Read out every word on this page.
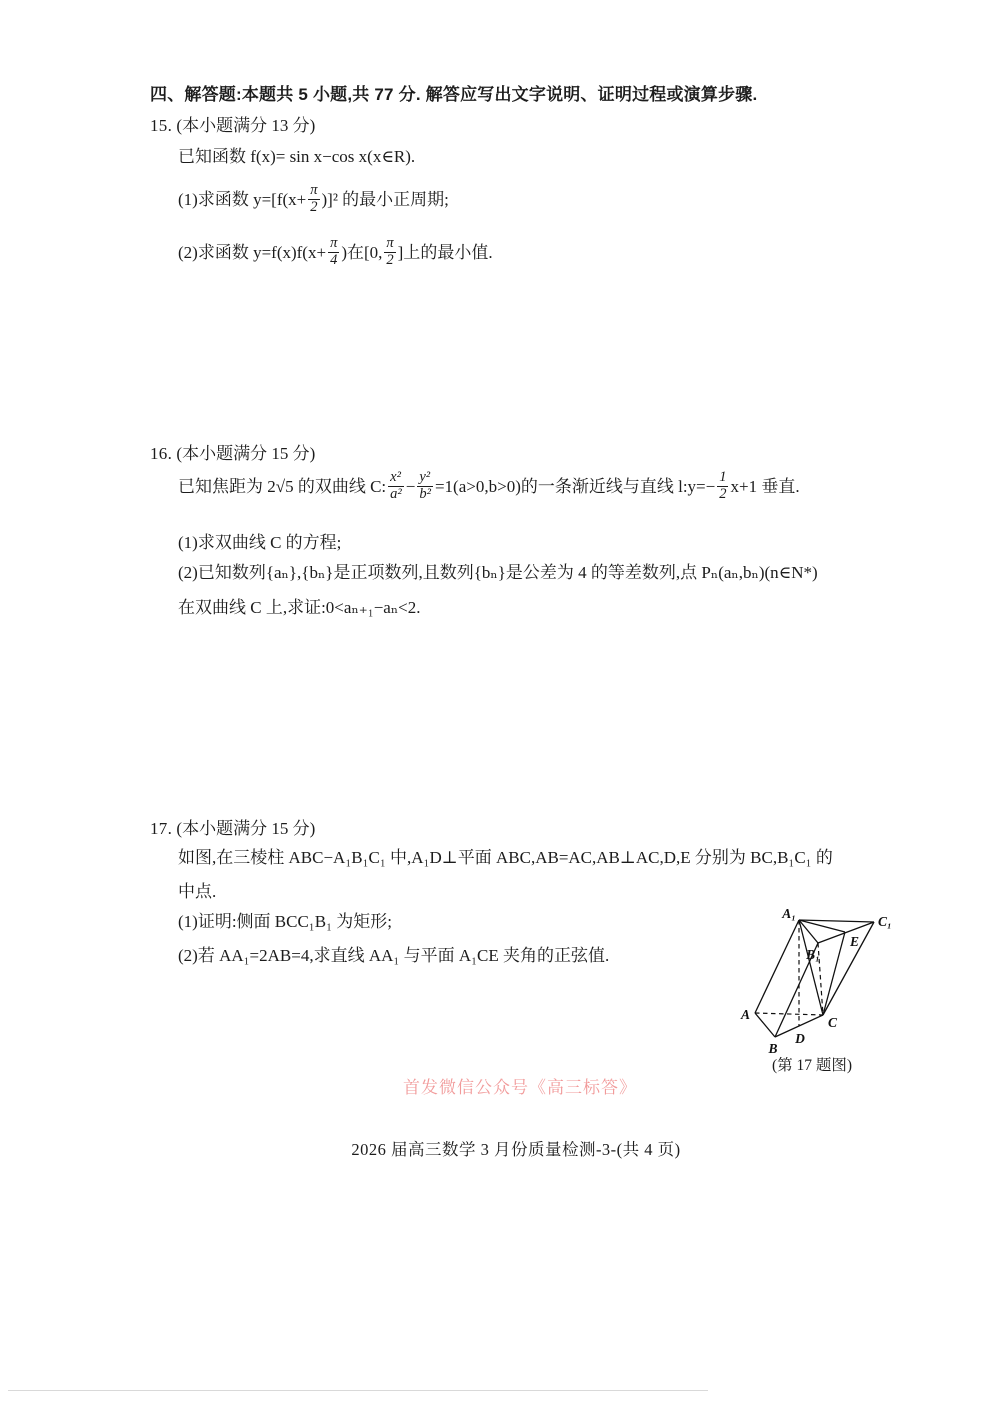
四、解答题:本题共 5 小题,共 77 分. 解答应写出文字说明、证明过程或演算步骤.
15. (本小题满分 13 分)
已知函数 f(x)= sin x−cos x(x∈R).
(1)求函数 $y=[f(x+ \frac{\pi}{2} )]^2$ 的最小正周期;
(2)求函数 $y=f(x)f(x+ \frac{\pi}{4}$ )在[0, $\frac{\pi}{2}$ ]上的最小值.
16. (本小题满分 15 分)
已知焦距为 2√5 的双曲线 C: $\frac{\text{x²}}{\text{a²}} - \frac{\text{y²}}{\text{b²}} =1(a>0,b>0)$的一条渐近线与直线 l:y=− $\frac{1}{2} x+1$ 垂直.
(1)求双曲线 C 的方程;
(2)已知数列{aₙ},{bₙ}是正项数列,且数列{bₙ}是公差为 4 的等差数列,点 Pₙ(aₙ,bₙ)(n∈N*)
在双曲线 C 上,求证:0<aₙ₊₁−aₙ<2.
17. (本小题满分 15 分)
如图,在三棱柱 ABC−A₁B₁C₁ 中,A₁D⊥平面 ABC,AB=AC,AB⊥AC,D,E 分别为 BC,B₁C₁ 的
中点.
(1)证明:侧面 BCC₁B₁ 为矩形;
(2)若 AA₁=2AB=4,求直线 AA₁ 与平面 A₁CE 夹角的正弦值.
A₁
C₁
B₁
E
A
B
C
D
(第 17 题图)
首发微信公众号《高三标答》
2026 届高三数学 3 月份质量检测-3-(共 4 页)
